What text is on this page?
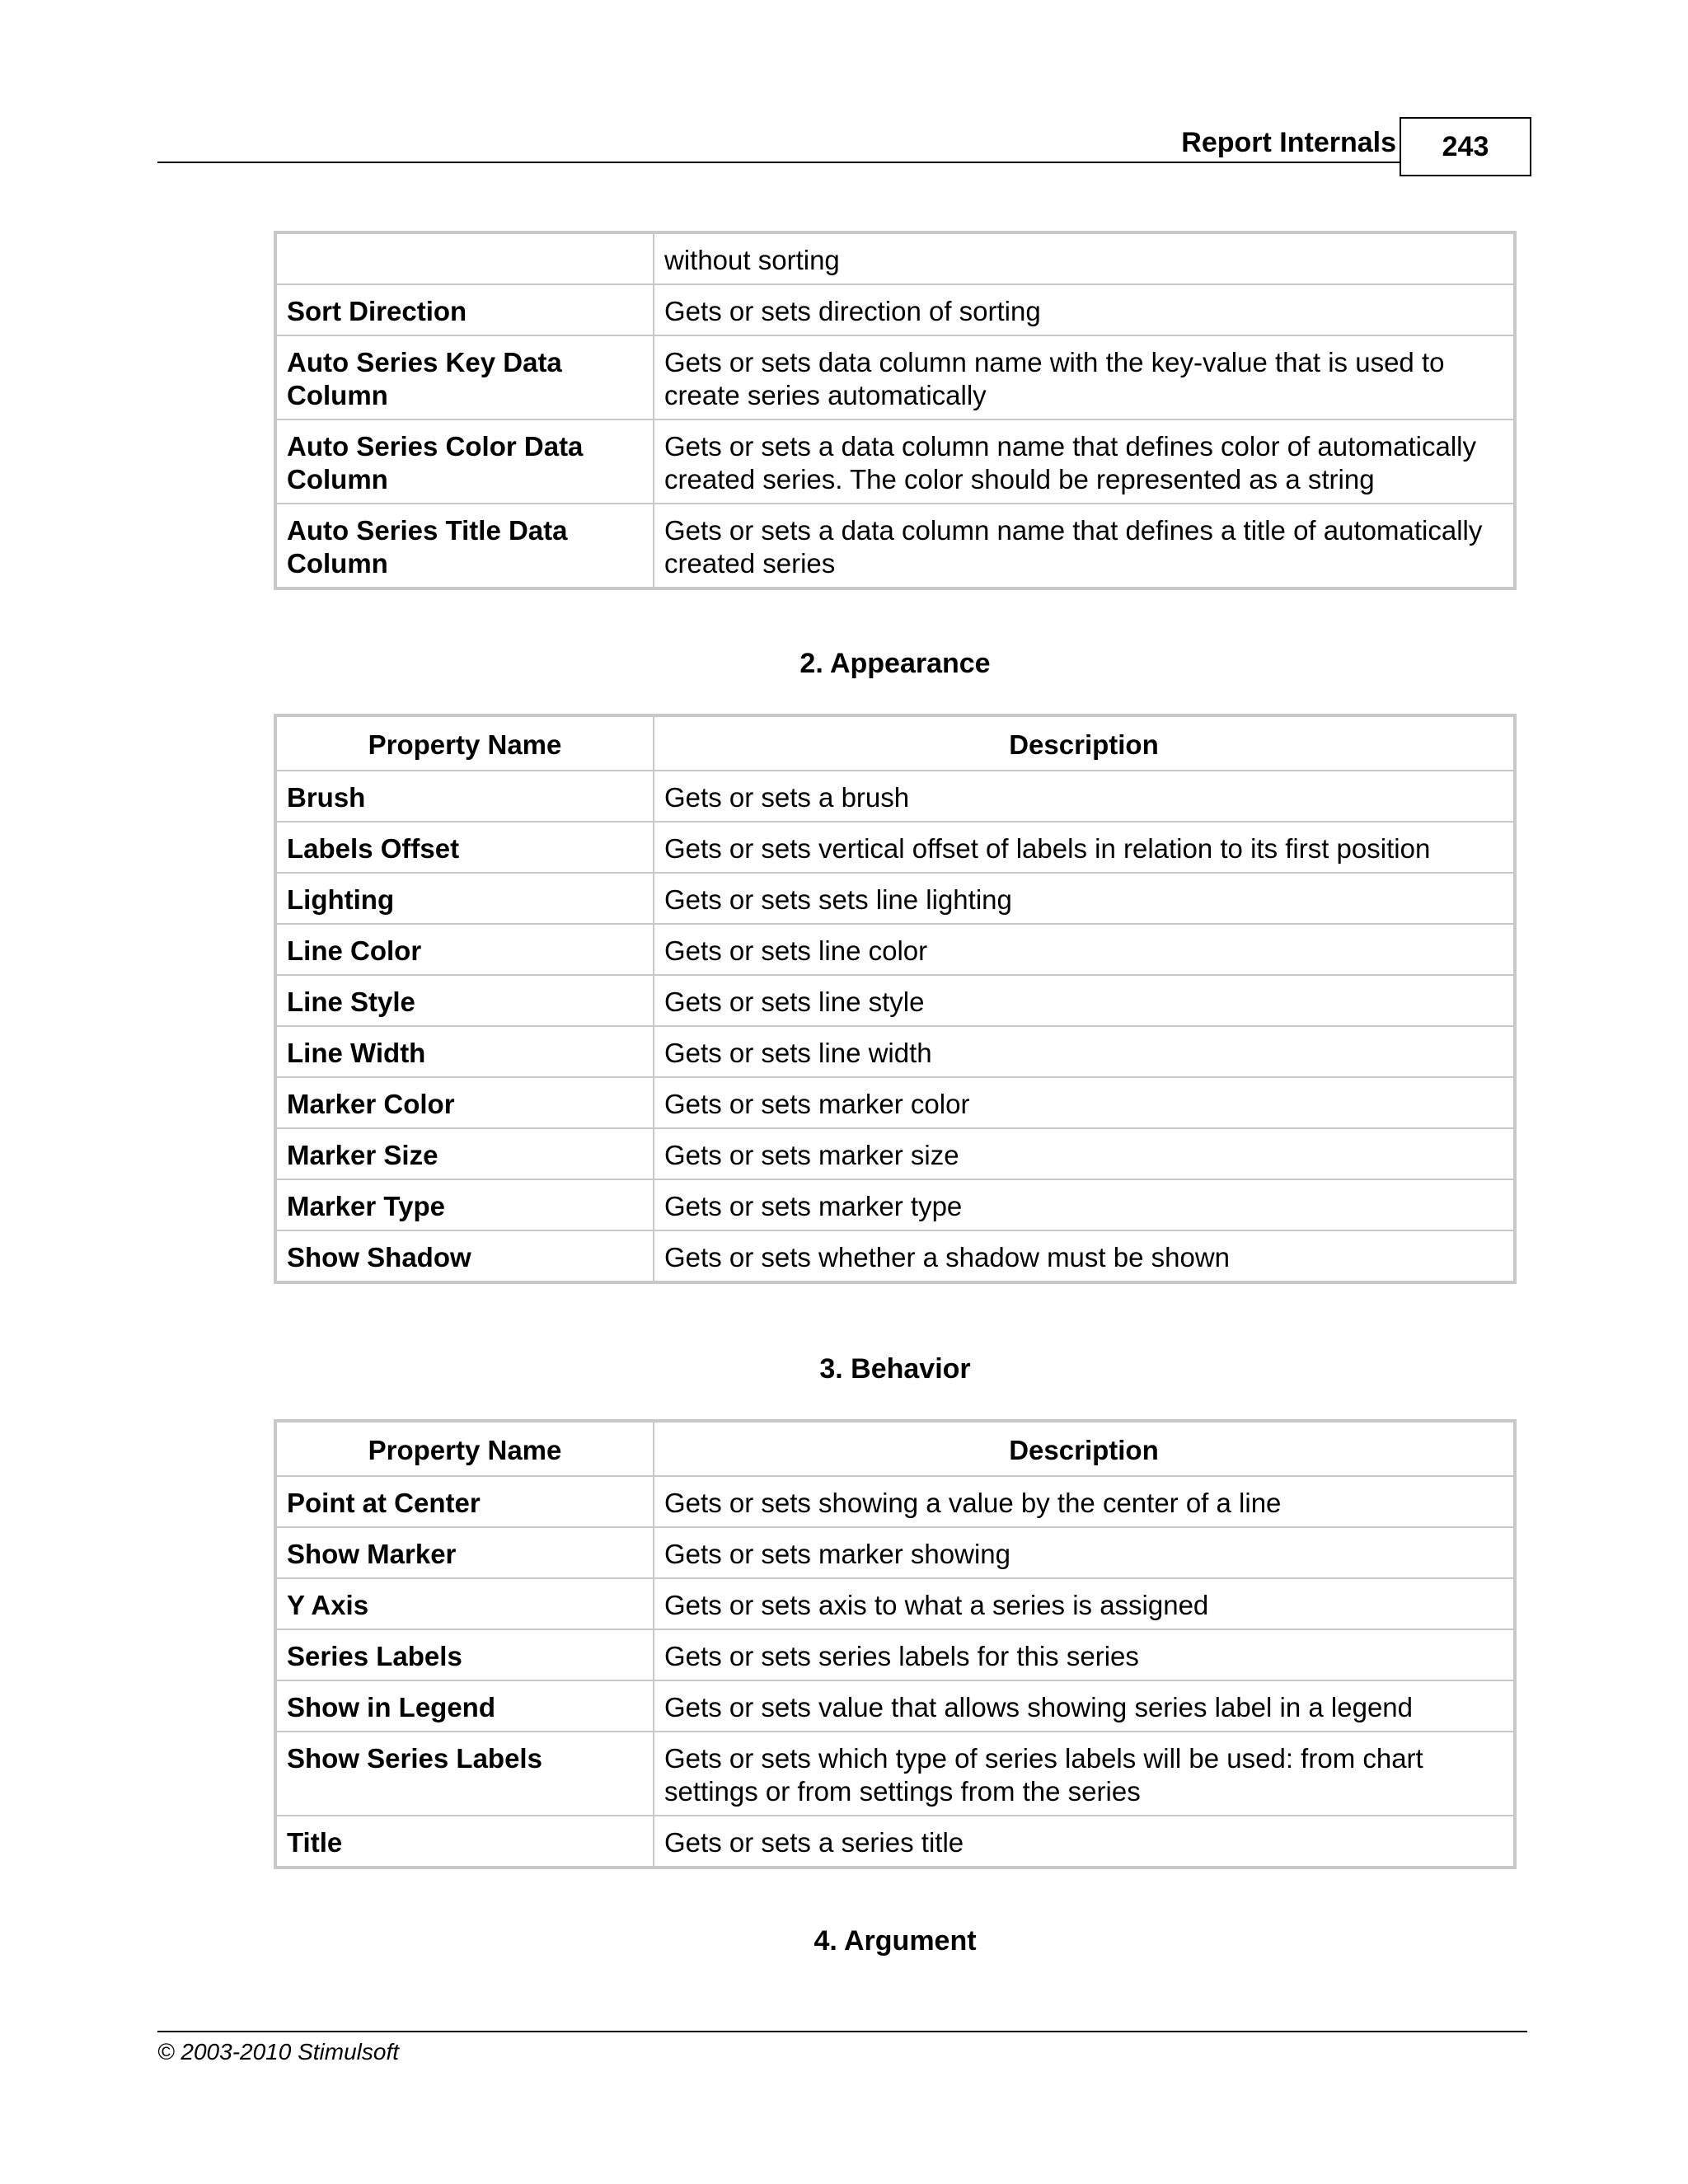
Report Internals	243
	without sorting
Sort Direction	Gets or sets direction of sorting
Auto Series Key Data Column	Gets or sets data column name with the key-value that is used to create series automatically
Auto Series Color Data Column	Gets or sets a data column name that defines color of automatically created series. The color should be represented as a string
Auto Series Title Data Column	Gets or sets a data column name that defines a title of automatically created series
2. Appearance
Property Name	Description
Brush	Gets or sets a brush
Labels Offset	Gets or sets vertical offset of labels in relation to its first position
Lighting	Gets or sets sets line lighting
Line Color	Gets or sets line color
Line Style	Gets or sets line style
Line Width	Gets or sets line width
Marker Color	Gets or sets marker color
Marker Size	Gets or sets marker size
Marker Type	Gets or sets marker type
Show Shadow	Gets or sets whether a shadow must be shown
3. Behavior
Property Name	Description
Point at Center	Gets or sets showing a value by the center of a line
Show Marker	Gets or sets marker showing
Y Axis	Gets or sets axis to what a series is assigned
Series Labels	Gets or sets series labels for this series
Show in Legend	Gets or sets value that allows showing series label in a legend
Show Series Labels	Gets or sets which type of series labels will be used: from chart settings or from settings from the series
Title	Gets or sets a series title
4. Argument
© 2003-2010 Stimulsoft
